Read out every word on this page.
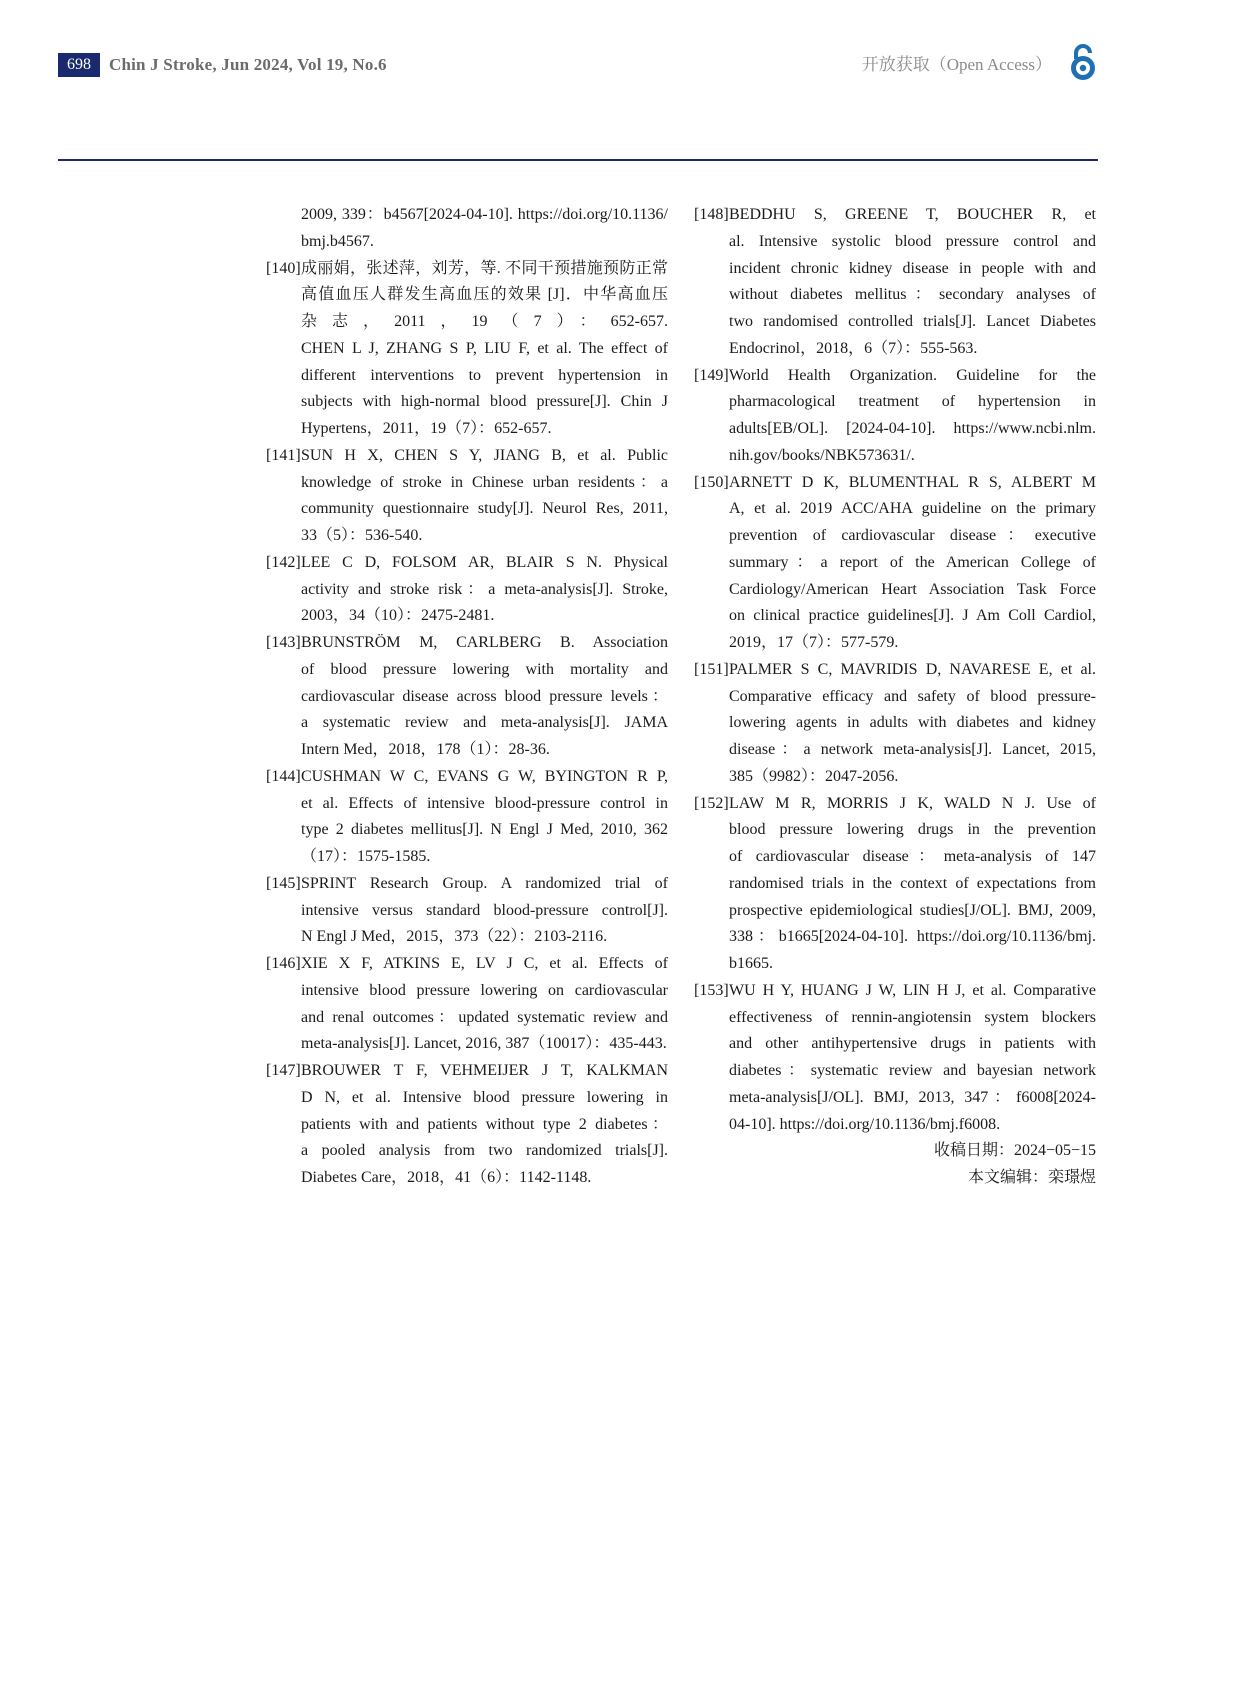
698	Chin J Stroke, Jun 2024, Vol 19, No.6	开放获取（Open Access）
2009, 339：b4567[2024-04-10]. https://doi.org/10.1136/
bmj.b4567.
[140] 成丽娟，张述萍，刘芳，等. 不同干预措施预防正常
高值血压人群发生高血压的效果 [J]．中华高血压
杂志，2011，19（7）：652-657.
CHEN L J, ZHANG S P, LIU F, et al. The effect of
different interventions to prevent hypertension in
subjects with high-normal blood pressure[J]. Chin J
Hypertens，2011，19（7）：652-657.
[141] SUN H X, CHEN S Y, JIANG B, et al. Public
knowledge of stroke in Chinese urban residents：a
community questionnaire study[J]. Neurol Res, 2011,
33（5）：536-540.
[142] LEE C D, FOLSOM AR, BLAIR S N. Physical
activity and stroke risk：a meta-analysis[J]. Stroke,
2003，34（10）：2475-2481.
[143] BRUNSTRÖM M, CARLBERG B. Association
of blood pressure lowering with mortality and
cardiovascular disease across blood pressure levels：
a systematic review and meta-analysis[J]. JAMA
Intern Med，2018，178（1）：28-36.
[144] CUSHMAN W C, EVANS G W, BYINGTON R P,
et al. Effects of intensive blood-pressure control in
type 2 diabetes mellitus[J]. N Engl J Med, 2010, 362
（17）：1575-1585.
[145] SPRINT Research Group. A randomized trial of
intensive versus standard blood-pressure control[J].
N Engl J Med，2015，373（22）：2103-2116.
[146] XIE X F, ATKINS E, LV J C, et al. Effects of
intensive blood pressure lowering on cardiovascular
and renal outcomes：updated systematic review and
meta-analysis[J]. Lancet, 2016, 387（10017）：435-443.
[147] BROUWER T F, VEHMEIJER J T, KALKMAN
D N, et al. Intensive blood pressure lowering in
patients with and patients without type 2 diabetes：
a pooled analysis from two randomized trials[J].
Diabetes Care，2018，41（6）：1142-1148.
[148] BEDDHU S, GREENE T, BOUCHER R, et
al. Intensive systolic blood pressure control and
incident chronic kidney disease in people with and
without diabetes mellitus：secondary analyses of
two randomised controlled trials[J]. Lancet Diabetes
Endocrinol，2018，6（7）：555-563.
[149] World Health Organization. Guideline for the
pharmacological treatment of hypertension in
adults[EB/OL]. [2024-04-10]. https://www.ncbi.nlm.
nih.gov/books/NBK573631/.
[150] ARNETT D K, BLUMENTHAL R S, ALBERT M
A, et al. 2019 ACC/AHA guideline on the primary
prevention of cardiovascular disease：executive
summary：a report of the American College of
Cardiology/American Heart Association Task Force
on clinical practice guidelines[J]. J Am Coll Cardiol,
2019，17（7）：577-579.
[151] PALMER S C, MAVRIDIS D, NAVARESE E, et al.
Comparative efficacy and safety of blood pressure-
lowering agents in adults with diabetes and kidney
disease：a network meta-analysis[J]. Lancet, 2015,
385（9982）：2047-2056.
[152] LAW M R, MORRIS J K, WALD N J. Use of
blood pressure lowering drugs in the prevention
of cardiovascular disease：meta-analysis of 147
randomised trials in the context of expectations from
prospective epidemiological studies[J/OL]. BMJ, 2009,
338：b1665[2024-04-10]. https://doi.org/10.1136/bmj.
b1665.
[153] WU H Y, HUANG J W, LIN H J, et al. Comparative
effectiveness of rennin-angiotensin system blockers
and other antihypertensive drugs in patients with
diabetes：systematic review and bayesian network
meta-analysis[J/OL]. BMJ, 2013, 347：f6008[2024-
04-10]. https://doi.org/10.1136/bmj.f6008.
收稿日期：2024−05−15
本文编辑：栾璟煜
